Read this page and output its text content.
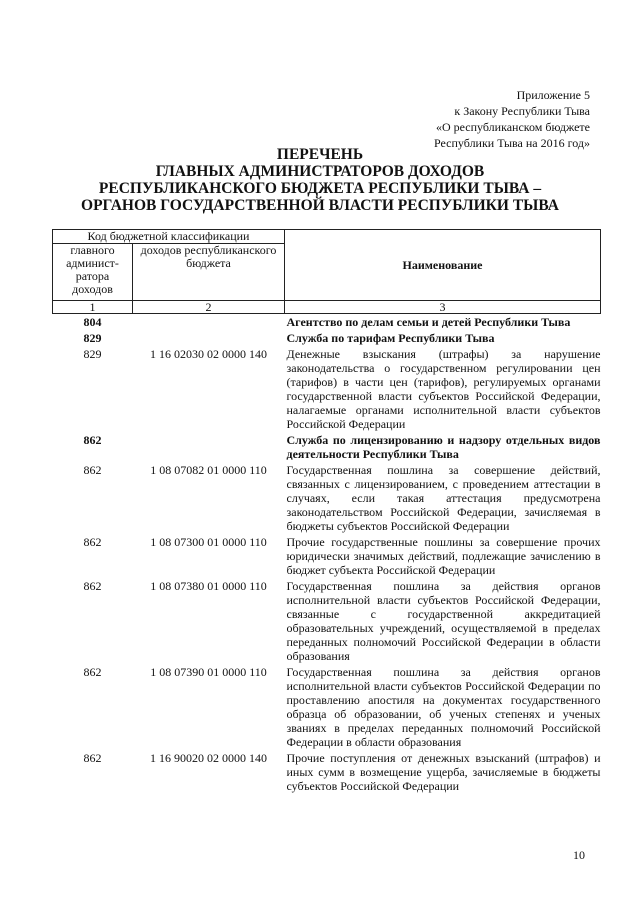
Приложение 5
к Закону Республики Тыва
«О республиканском бюджете
Республики Тыва на 2016 год»
ПЕРЕЧЕНЬ
ГЛАВНЫХ АДМИНИСТРАТОРОВ ДОХОДОВ
РЕСПУБЛИКАНСКОГО БЮДЖЕТА РЕСПУБЛИКИ ТЫВА –
ОРГАНОВ ГОСУДАРСТВЕННОЙ ВЛАСТИ РЕСПУБЛИКИ ТЫВА
Код бюджетной классификации		Наименование
главного админист-ратора доходов	доходов республиканского бюджета	
1	2	3
804		Агентство по делам семьи и детей Республики Тыва
829		Служба по тарифам Республики Тыва
829	1 16 02030 02 0000 140	Денежные взыскания (штрафы) за нарушение законодательства о государственном регулировании цен (тарифов) в части цен (тарифов), регулируемых органами государственной власти субъектов Российской Федерации, налагаемые органами исполнительной власти субъектов Российской Федерации
862		Служба по лицензированию и надзору отдельных видов деятельности Республики Тыва
862	1 08 07082 01 0000 110	Государственная пошлина за совершение действий, связанных с лицензированием, с проведением аттестации в случаях, если такая аттестация предусмотрена законодательством Российской Федерации, зачисляемая в бюджеты субъектов Российской Федерации
862	1 08 07300 01 0000 110	Прочие государственные пошлины за совершение прочих юридически значимых действий, подлежащие зачислению в бюджет субъекта Российской Федерации
862	1 08 07380 01 0000 110	Государственная пошлина за действия органов исполнительной власти субъектов Российской Федерации, связанные с государственной аккредитацией образовательных учреждений, осуществляемой в пределах переданных полномочий Российской Федерации в области образования
862	1 08 07390 01 0000 110	Государственная пошлина за действия органов исполнительной власти субъектов Российской Федерации по проставлению апостиля на документах государственного образца об образовании, об ученых степенях и ученых званиях в пределах переданных полномочий Российской Федерации в области образования
862	1 16 90020 02 0000 140	Прочие поступления от денежных взысканий (штрафов) и иных сумм в возмещение ущерба, зачисляемые в бюджеты субъектов Российской Федерации
10
